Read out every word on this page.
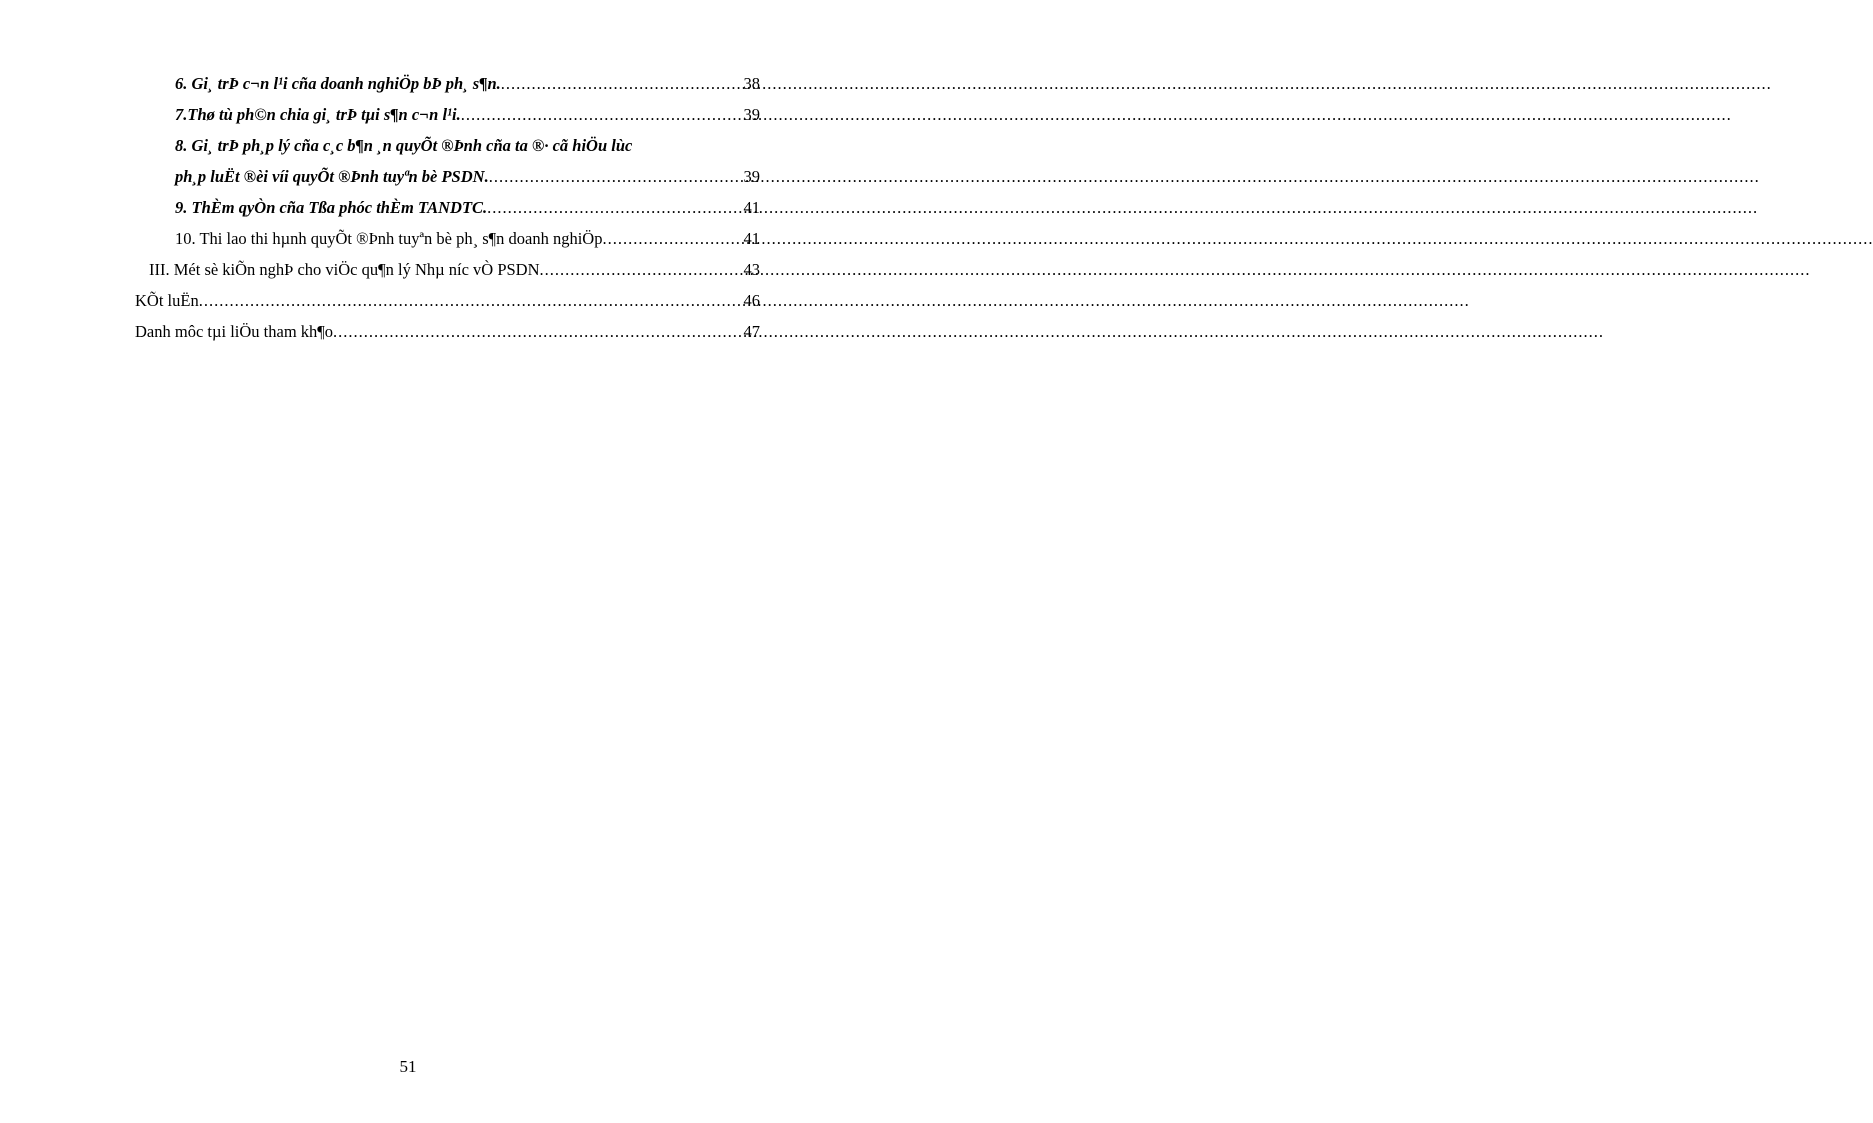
6. Gi¸ trÞ c¬n l¹i cña doanh nghiÖp bÞ ph¸ s¶n. .....	38
7.Thø tù ph©n chia gi¸ trÞ tµi s¶n c¬n l¹i. .....	39
8. Gi¸ trÞ ph¸p lý cña c¸c b¶n ¸n quyÕt ®Þnh cña ta ®· cã hiÖu lùc
ph¸p luËt ®èi víi quyÕt ®Þnh tuyªn bè PSDN. .....	39
9. ThÈm qyÒn cña Tßa phóc thÈm TANDTC. .....	41
10. Thi lao thi hµnh quyÕt ®Þnh tuyªn bè ph¸ s¶n doanh nghiÖp .....	41
III. Mét sè kiÕn nghÞ cho viÖc qu¶n lý Nhµ níc vÒ PSDN .....	43
KÕt luËn .....	46
Danh môc tµi liÖu tham kh¶o .....	47
51
